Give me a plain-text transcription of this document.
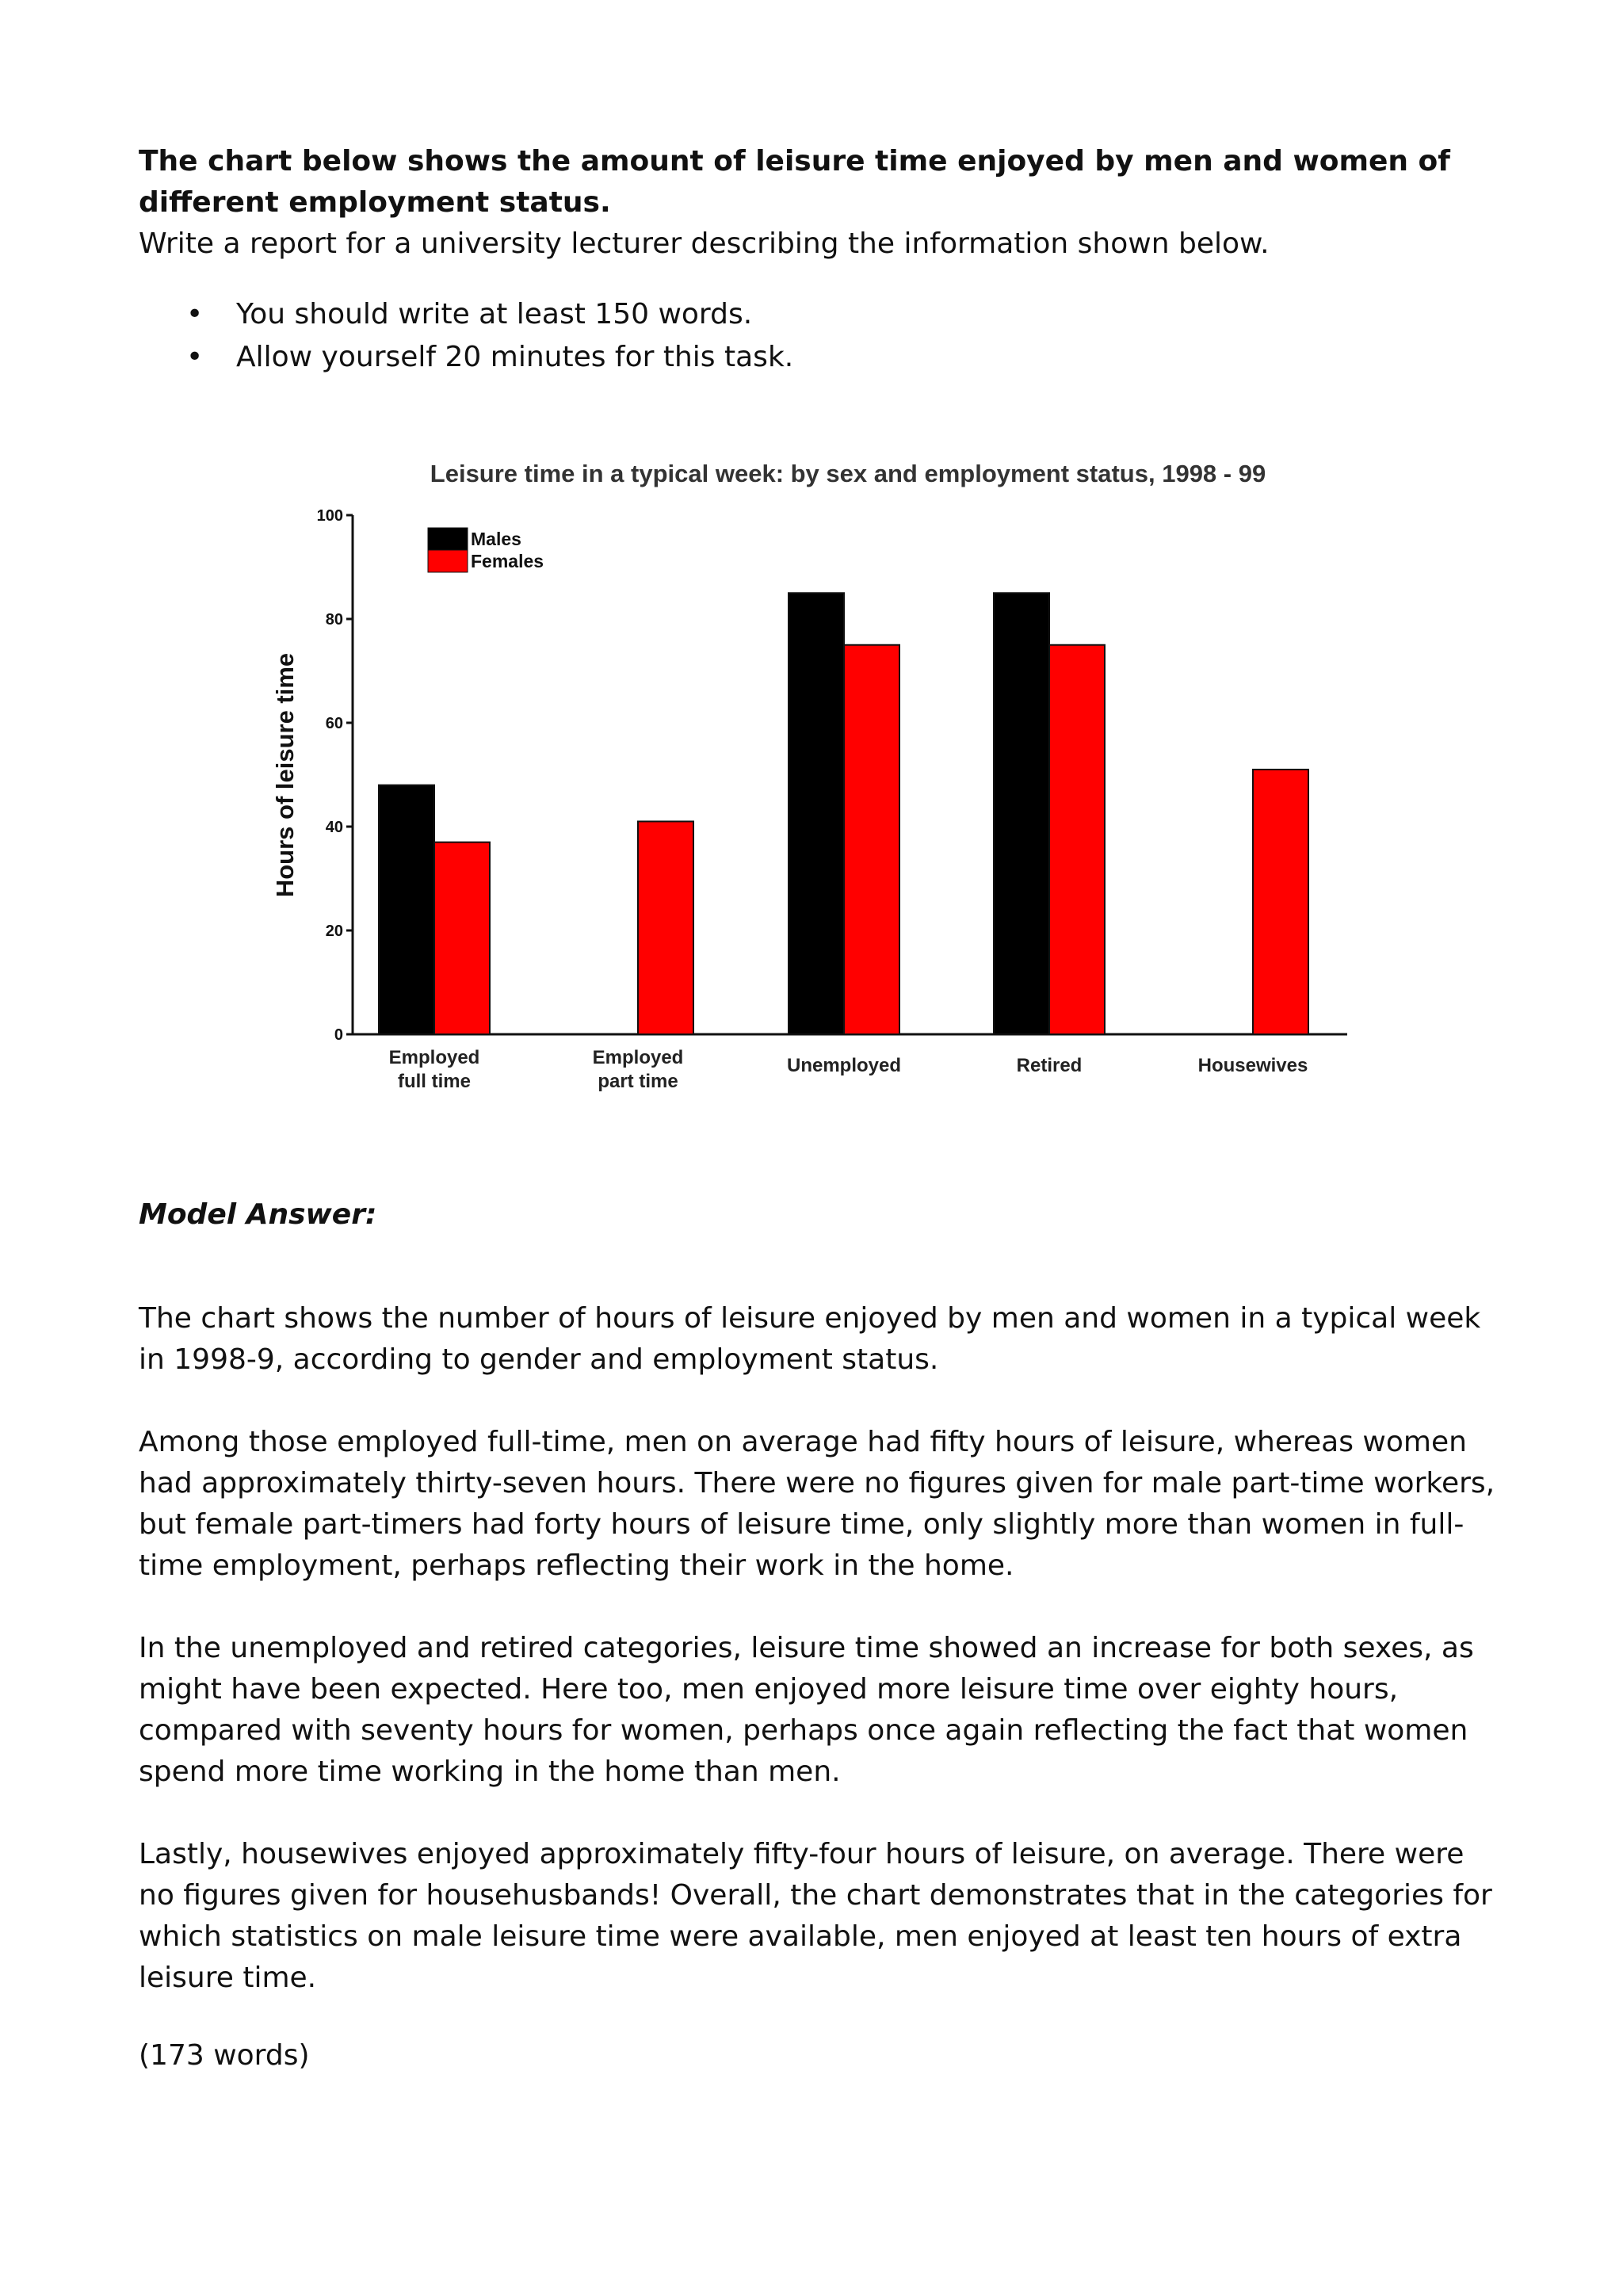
The chart below shows the amount of leisure time enjoyed by men and women of different employment status.

Write a report for a university lecturer describing the information shown below.

• You should write at least 150 words.
• Allow yourself 20 minutes for this task.
Leisure time in a typical week: by sex and employment status, 1998 - 99
Hours of leisure time
0
20
40
60
80
100
Employed
full time
Employed
part time
Unemployed	Retired	Housewives
Males
Females

Model Answer:

The chart shows the number of hours of leisure enjoyed by men and women in a typical week in 1998-9, according to gender and employment status.

Among those employed full-time, men on average had fifty hours of leisure, whereas women had approximately thirty-seven hours. There were no figures given for male part-time workers, but female part-timers had forty hours of leisure time, only slightly more than women in full-time employment, perhaps reflecting their work in the home.

In the unemployed and retired categories, leisure time showed an increase for both sexes, as might have been expected. Here too, men enjoyed more leisure time over eighty hours, compared with seventy hours for women, perhaps once again reflecting the fact that women spend more time working in the home than men.

Lastly, housewives enjoyed approximately fifty-four hours of leisure, on average. There were no figures given for househusbands! Overall, the chart demonstrates that in the categories for which statistics on male leisure time were available, men enjoyed at least ten hours of extra leisure time.

(173 words)
